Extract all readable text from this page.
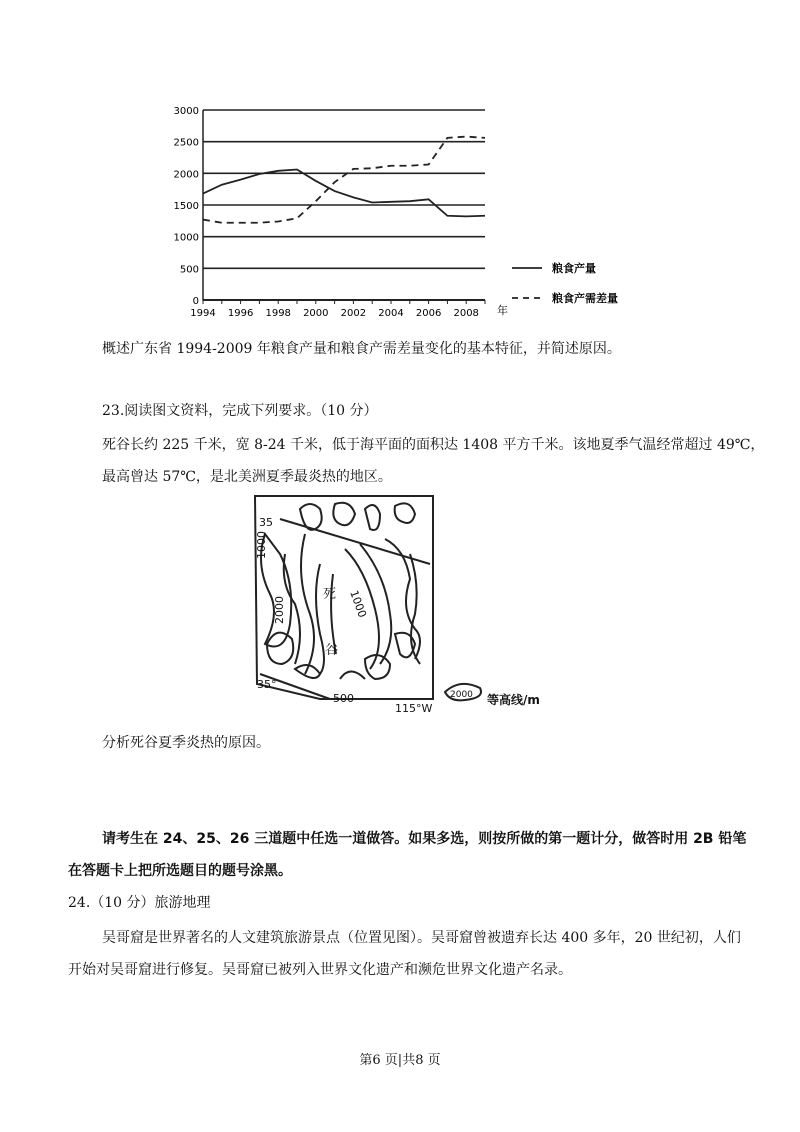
0
500
1000
1500
2000
2500
3000
1994 1996 1998 2000 2002 2004 2006 2008 年
粮食产量
粮食产需差量
概述广东省 1994-2009 年粮食产量和粮食产需差量变化的基本特征，并简述原因。
23.阅读图文资料，完成下列要求。（10 分）
死谷长约 225 千米，宽 8-24 千米，低于海平面的面积达 1408 平方千米。该地夏季气温经常超过 49℃，
最高曾达 57℃，是北美洲夏季最炎热的地区。
35
35°
1000
2000	1000
死
谷
500
115°W
2000 等高线/m
分析死谷夏季炎热的原因。
请考生在 24、25、26 三道题中任选一道做答。如果多选，则按所做的第一题计分，做答时用 2B 铅笔
在答题卡上把所选题目的题号涂黑。
24.（10 分）旅游地理
吴哥窟是世界著名的人文建筑旅游景点（位置见图）。吴哥窟曾被遗弃长达 400 多年，20 世纪初，人们
开始对吴哥窟进行修复。吴哥窟已被列入世界文化遗产和濒危世界文化遗产名录。
第6 页|共8 页
